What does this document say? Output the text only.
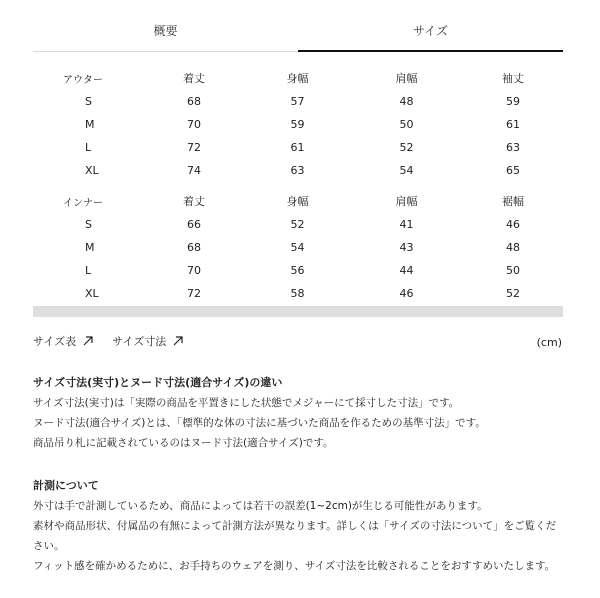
概要	サイズ
アウター	着丈	身幅	肩幅	袖丈
S	68	57	48	59
M	70	59	50	61
L	72	61	52	63
XL	74	63	54	65
インナー	着丈	身幅	肩幅	裾幅
S	66	52	41	46
M	68	54	43	48
L	70	56	44	50
XL	72	58	46	52
サイズ表	サイズ寸法	(cm)
サイズ寸法(実寸)とヌード寸法(適合サイズ)の違い

サイズ寸法(実寸)は「実際の商品を平置きにした状態でメジャーにて採寸した寸法」です。

ヌード寸法(適合サイズ)とは、「標準的な体の寸法に基づいた商品を作るための基準寸法」です。

商品吊り札に記載されているのはヌード寸法(適合サイズ)です。

計測について

外寸は手で計測しているため、商品によっては若干の誤差(1~2cm)が生じる可能性があります。

素材や商品形状、付属品の有無によって計測方法が異なります。詳しくは「サイズの寸法について」をご覧ください。

フィット感を確かめるために、お手持ちのウェアを測り、サイズ寸法を比較されることをおすすめいたします。
